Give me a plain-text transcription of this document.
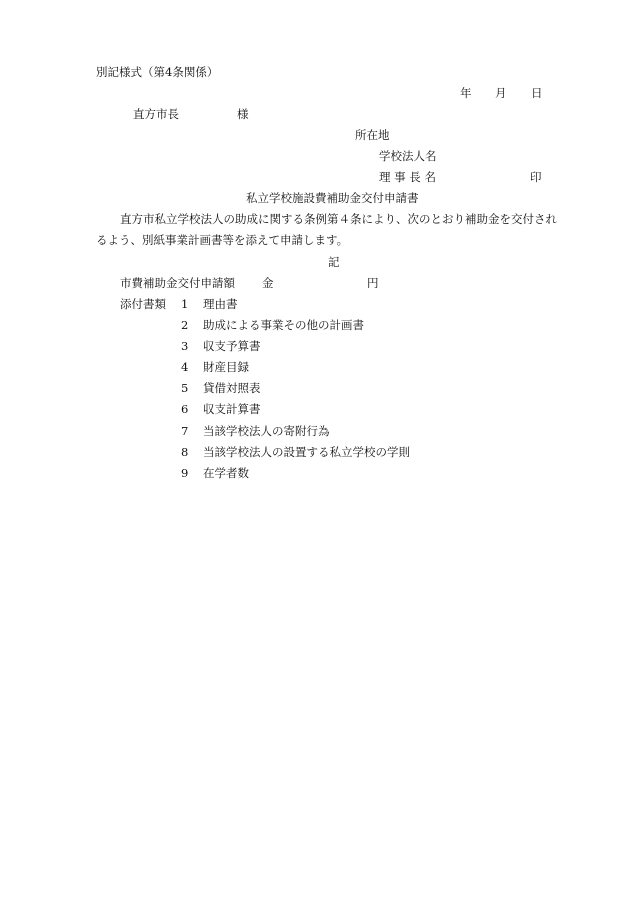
別記様式（第4条関係）
年 月 日
直方市長	様
所在地
学校法人名
理 事 長 名	印
私立学校施設費補助金交付申請書
直方市私立学校法人の助成に関する条例第４条により、次のとおり補助金を交付され
るよう、別紙事業計画書等を添えて申請します。
記
市費補助金交付申請額 金	円
添付書類 1 理由書
2 助成による事業その他の計画書
3 収支予算書
4 財産目録
5 貸借対照表
6 収支計算書
7 当該学校法人の寄附行為
8 当該学校法人の設置する私立学校の学則
9 在学者数
